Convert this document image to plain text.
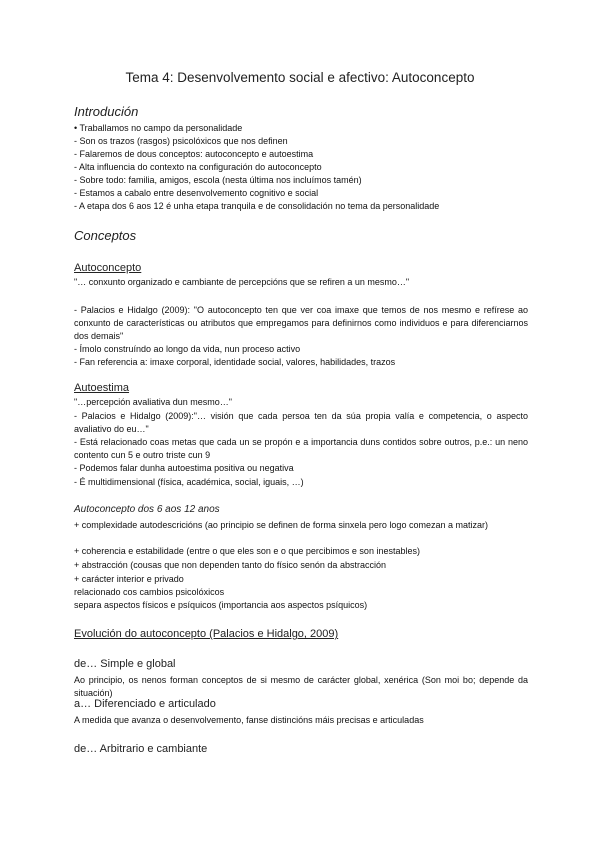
Tema 4: Desenvolvemento social e afectivo: Autoconcepto
Introdución
• Traballamos no campo da personalidade
- Son os trazos (rasgos) psicolóxicos que nos definen
- Falaremos de dous conceptos: autoconcepto e autoestima
- Alta influencia do contexto na configuración do autoconcepto
- Sobre todo: familia, amigos, escola (nesta última nos incluímos tamén)
- Estamos a cabalo entre desenvolvemento cognitivo e social
- A etapa dos 6 aos 12 é unha etapa tranquila e de consolidación no tema da personalidade
Conceptos
Autoconcepto
"… conxunto organizado e cambiante de percepcións que se refiren a un mesmo…"
- Palacios e Hidalgo (2009): "O autoconcepto ten que ver coa imaxe que temos de nos mesmo e refírese ao conxunto de características ou atributos que empregamos para definirnos como individuos e para diferenciarnos dos demais"
- Ímolo construíndo ao longo da vida, nun proceso activo
- Fan referencia a: imaxe corporal, identidade social, valores, habilidades, trazos
Autoestima
"…percepción avaliativa dun mesmo…"
- Palacios e Hidalgo (2009):"… visión que cada persoa ten da súa propia valía e competencia, o aspecto avaliativo do eu…"
- Está relacionado coas metas que cada un se propón e a importancia duns contidos sobre outros, p.e.: un neno contento cun 5 e outro triste cun 9
- Podemos falar dunha autoestima positiva ou negativa
- É multidimensional (física, académica, social, iguais, …)
Autoconcepto dos 6 aos 12 anos
+ complexidade autodescricións (ao principio se definen de forma sinxela pero logo comezan a matizar)
+ coherencia e estabilidade (entre o que eles son e o que percibimos e son inestables)
+ abstracción (cousas que non dependen tanto do físico senón da abstracción
+ carácter interior e privado
relacionado cos cambios psicolóxicos
separa aspectos físicos e psíquicos (importancia aos aspectos psíquicos)
Evolución do autoconcepto (Palacios e Hidalgo, 2009)
de… Simple e global
Ao principio, os nenos forman conceptos de si mesmo de carácter global, xenérica (Son moi bo; depende da situación)
a… Diferenciado e articulado
A medida que avanza o desenvolvemento, fanse distincións máis precisas e articuladas
de… Arbitrario e cambiante
